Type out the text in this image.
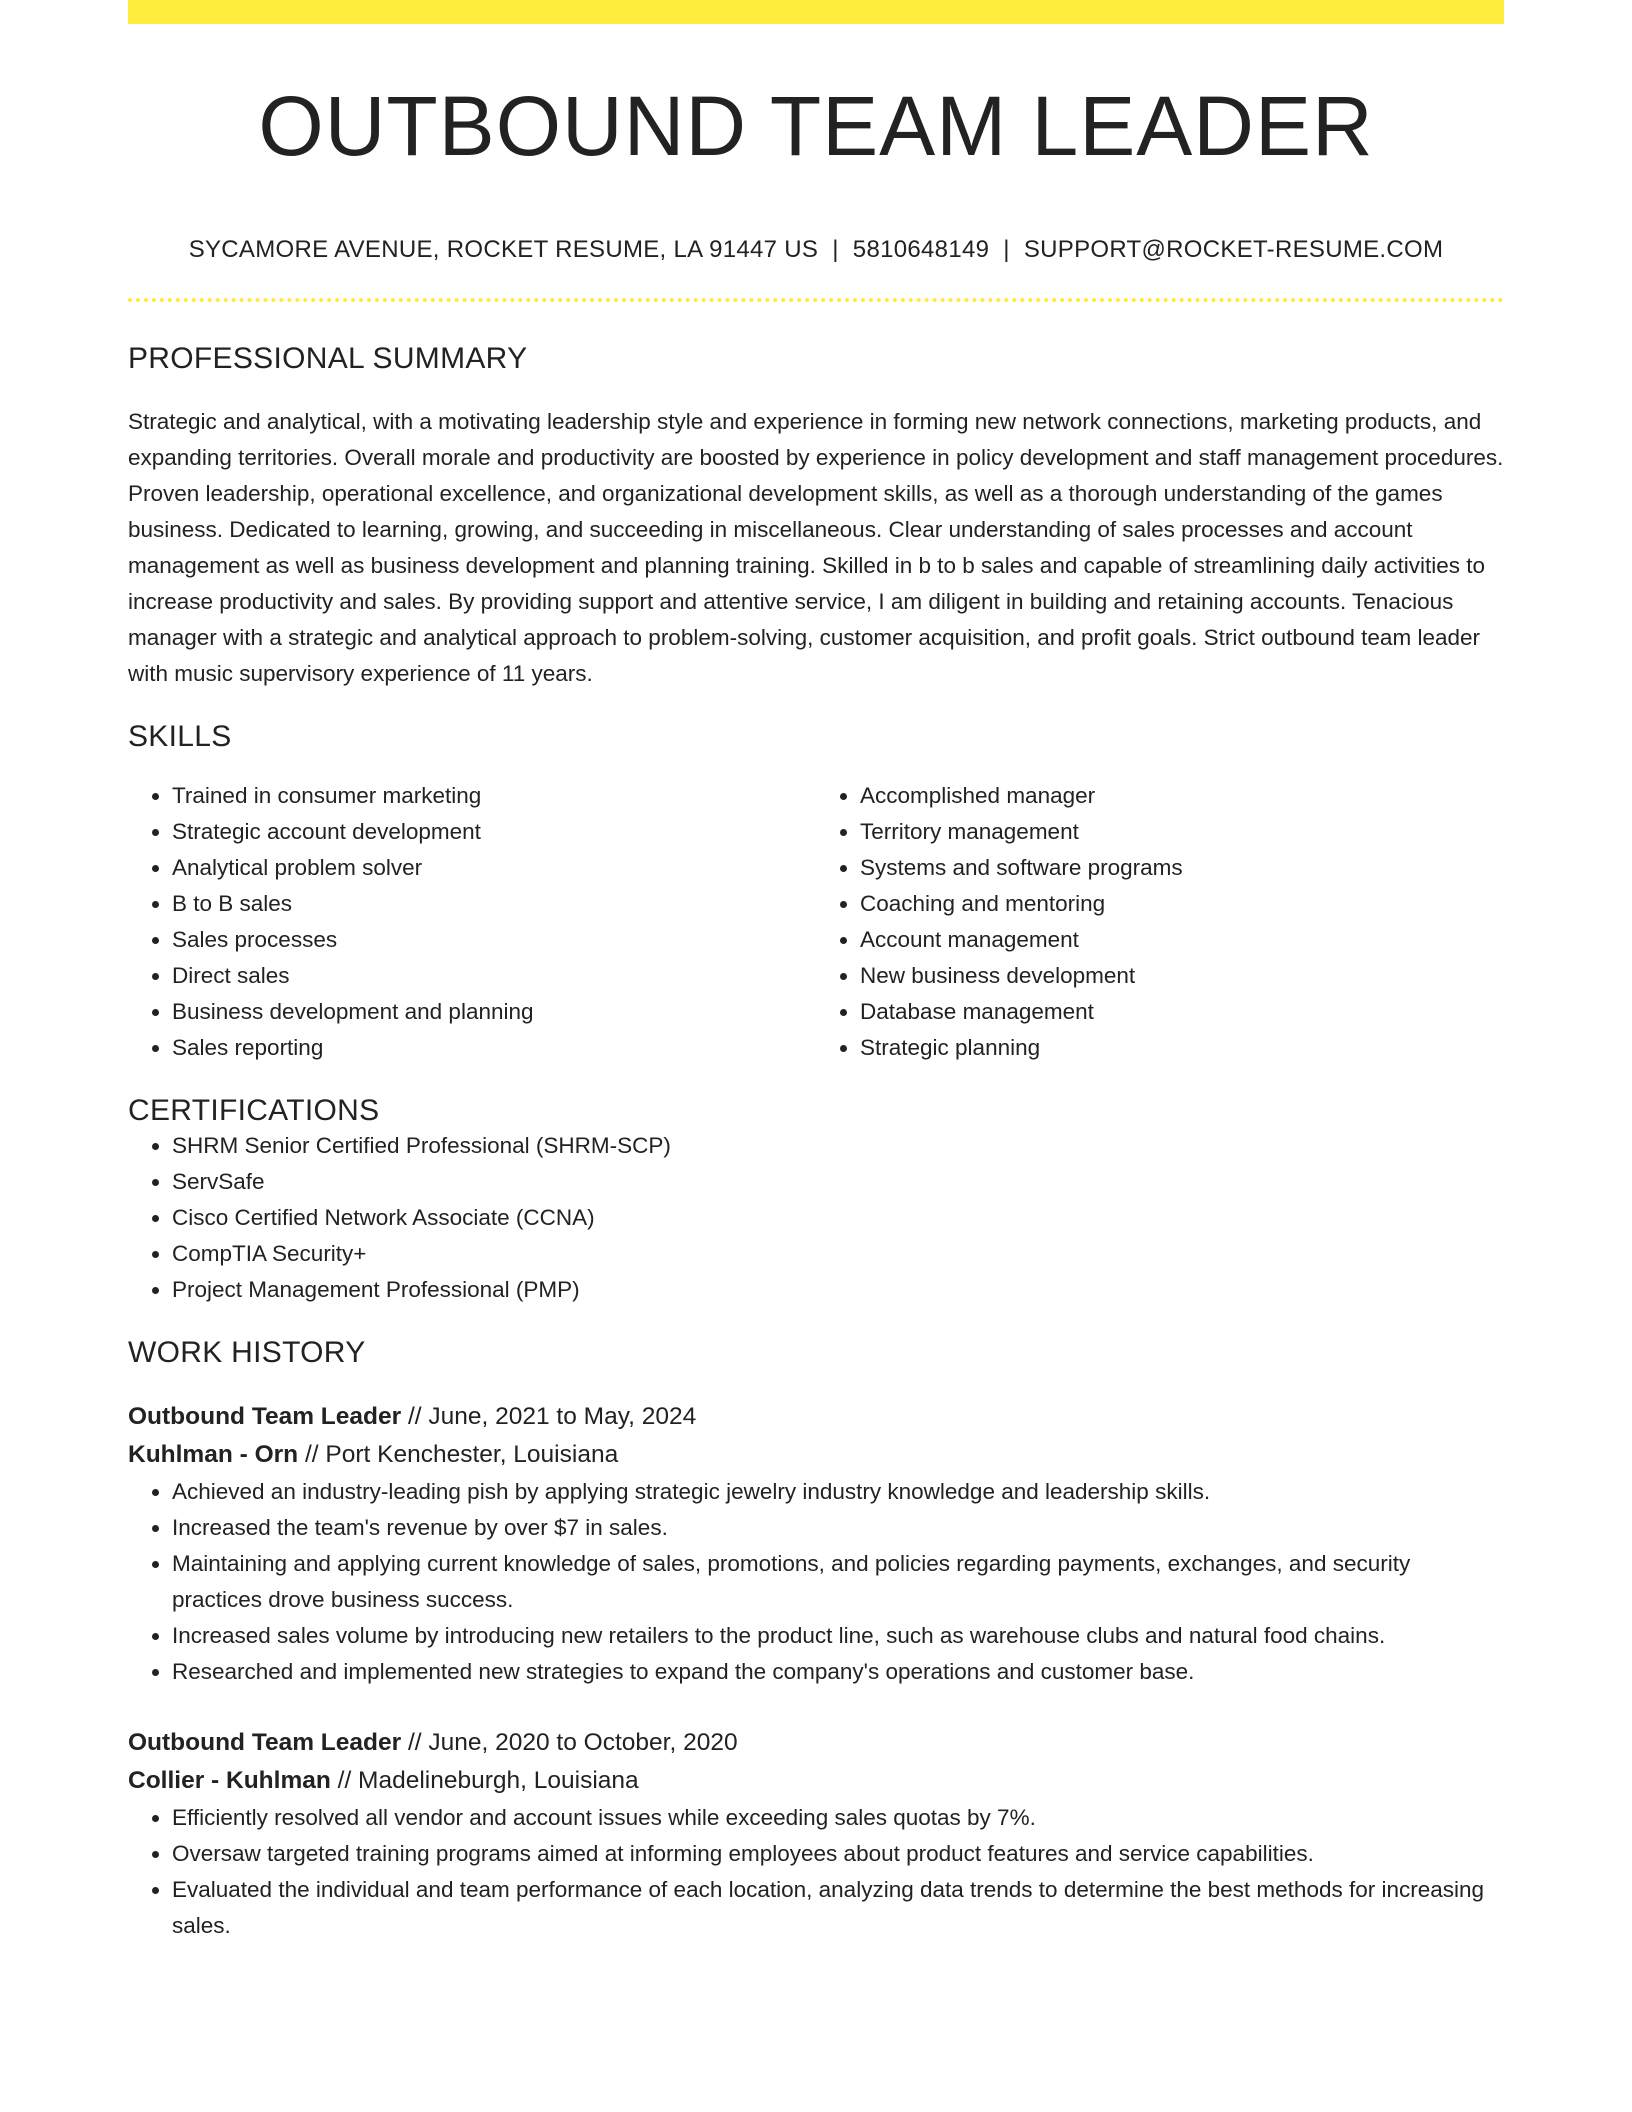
OUTBOUND TEAM LEADER
SYCAMORE AVENUE, ROCKET RESUME, LA 91447 US | 5810648149 | SUPPORT@ROCKET-RESUME.COM
PROFESSIONAL SUMMARY

Strategic and analytical, with a motivating leadership style and experience in forming new network connections, marketing products, and expanding territories. Overall morale and productivity are boosted by experience in policy development and staff management procedures. Proven leadership, operational excellence, and organizational development skills, as well as a thorough understanding of the games business. Dedicated to learning, growing, and succeeding in miscellaneous. Clear understanding of sales processes and account management as well as business development and planning training. Skilled in b to b sales and capable of streamlining daily activities to increase productivity and sales. By providing support and attentive service, I am diligent in building and retaining accounts. Tenacious manager with a strategic and analytical approach to problem-solving, customer acquisition, and profit goals. Strict outbound team leader with music supervisory experience of 11 years.

SKILLS
• Trained in consumer marketing
• Strategic account development
• Analytical problem solver
• B to B sales
• Sales processes
• Direct sales
• Business development and planning
• Sales reporting
• Accomplished manager
• Territory management
• Systems and software programs
• Coaching and mentoring
• Account management
• New business development
• Database management
• Strategic planning
CERTIFICATIONS
• SHRM Senior Certified Professional (SHRM-SCP)
• ServSafe
• Cisco Certified Network Associate (CCNA)
• CompTIA Security+
• Project Management Professional (PMP)
WORK HISTORY
Outbound Team Leader // June, 2021 to May, 2024
Kuhlman - Orn // Port Kenchester, Louisiana
• Achieved an industry-leading pish by applying strategic jewelry industry knowledge and leadership skills.
• Increased the team's revenue by over $7 in sales.
• Maintaining and applying current knowledge of sales, promotions, and policies regarding payments, exchanges, and security practices drove business success.
• Increased sales volume by introducing new retailers to the product line, such as warehouse clubs and natural food chains.
• Researched and implemented new strategies to expand the company's operations and customer base.
Outbound Team Leader // June, 2020 to October, 2020
Collier - Kuhlman // Madelineburgh, Louisiana
• Efficiently resolved all vendor and account issues while exceeding sales quotas by 7%.
• Oversaw targeted training programs aimed at informing employees about product features and service capabilities.
• Evaluated the individual and team performance of each location, analyzing data trends to determine the best methods for increasing sales.
